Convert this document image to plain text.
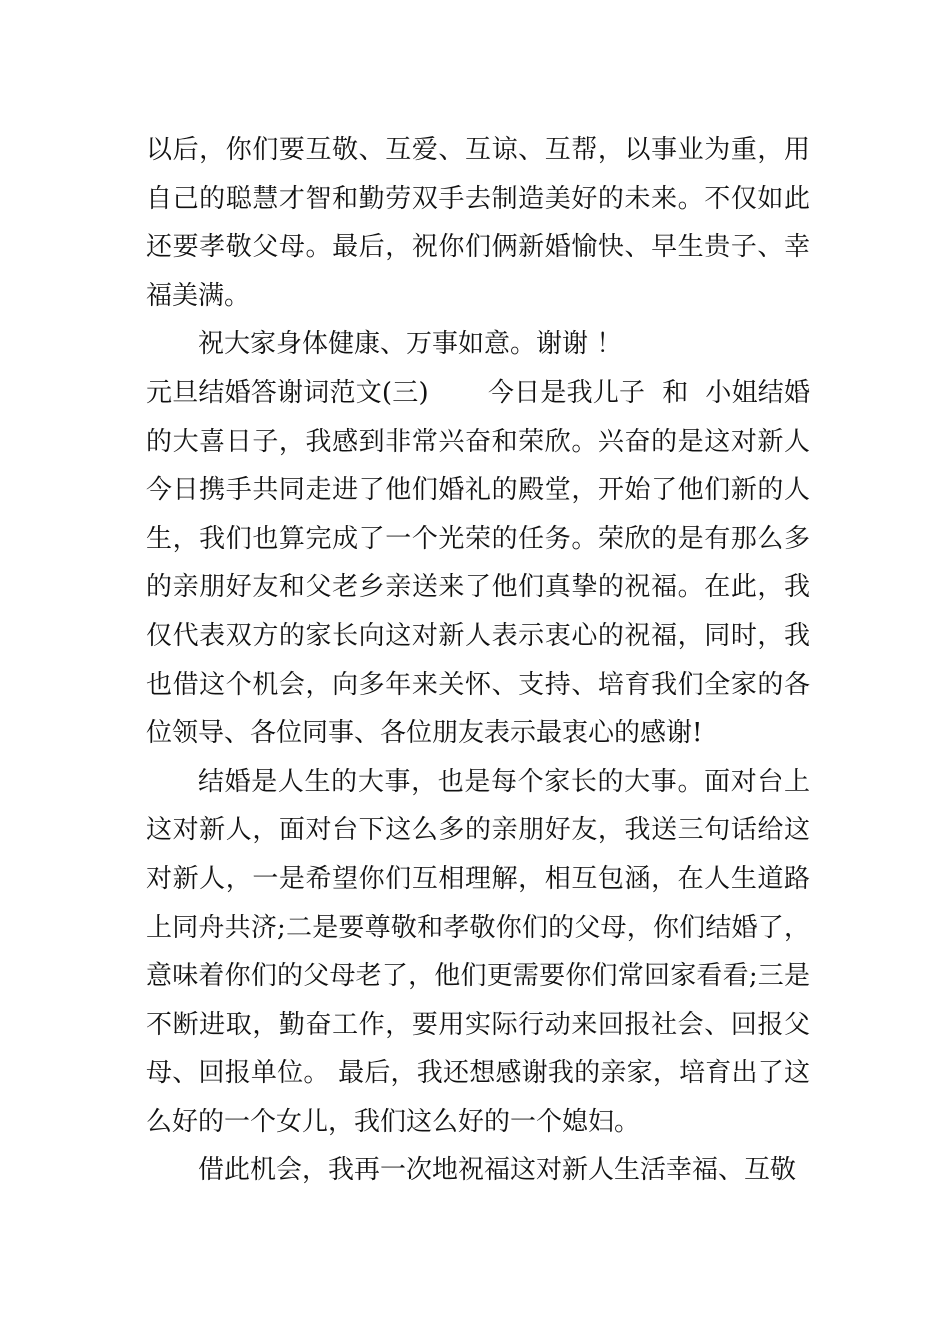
以后，你们要互敬、互爱、互谅、互帮，以事业为重，用自己的聪慧才智和勤劳双手去制造美好的未来。不仅如此还要孝敬父母。最后，祝你们俩新婚愉快、早生贵子、幸福美满。

祝大家身体健康、万事如意。谢谢 ！

元旦结婚答谢词范文(三)       今日是我儿子  和  小姐结婚的大喜日子，我感到非常兴奋和荣欣。兴奋的是这对新人今日携手共同走进了他们婚礼的殿堂，开始了他们新的人生，我们也算完成了一个光荣的任务。荣欣的是有那么多的亲朋好友和父老乡亲送来了他们真挚的祝福。在此，我仅代表双方的家长向这对新人表示衷心的祝福，同时，我也借这个机会，向多年来关怀、支持、培育我们全家的各位领导、各位同事、各位朋友表示最衷心的感谢!

结婚是人生的大事，也是每个家长的大事。面对台上这对新人，面对台下这么多的亲朋好友，我送三句话给这对新人，一是希望你们互相理解，相互包涵，在人生道路上同舟共济;二是要尊敬和孝敬你们的父母，你们结婚了，意味着你们的父母老了，他们更需要你们常回家看看;三是不断进取，勤奋工作，要用实际行动来回报社会、回报父母、回报单位。 最后，我还想感谢我的亲家，培育出了这么好的一个女儿，我们这么好的一个媳妇。

借此机会，我再一次地祝福这对新人生活幸福、互敬
